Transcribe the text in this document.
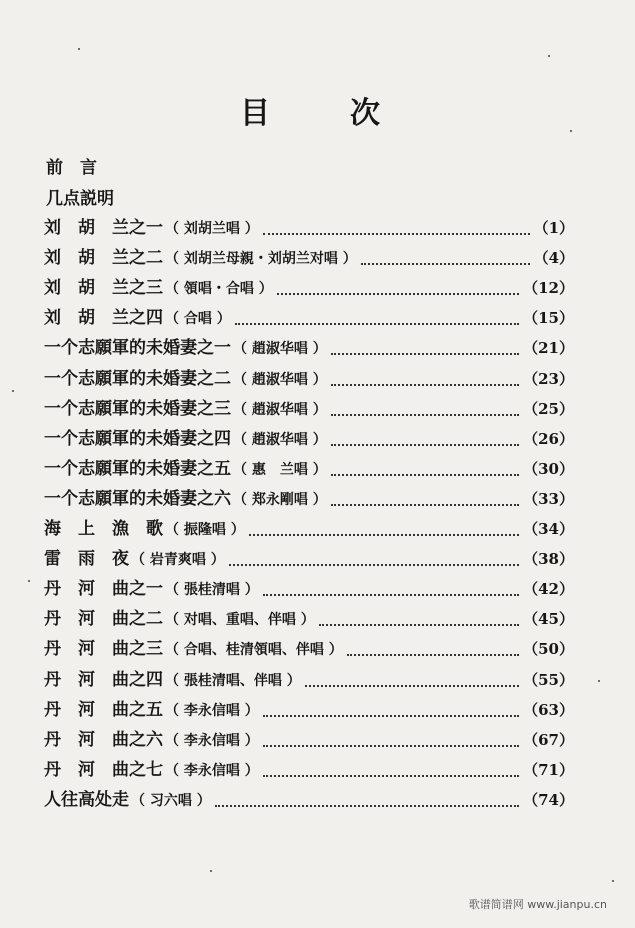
目	次
前　言
几点説明
刘　胡　兰之一 （ 刘胡兰唱 ）	（1）
刘　胡　兰之二 （ 刘胡兰母親・刘胡兰对唱 ）	（4）
刘　胡　兰之三 （ 領唱・合唱 ）	（12）
刘　胡　兰之四 （ 合唱 ）	（15）
一个志願軍的未婚妻之一 （ 趙淑华唱 ）	（21）
一个志願軍的未婚妻之二 （ 趙淑华唱 ）	（23）
一个志願軍的未婚妻之三 （ 趙淑华唱 ）	（25）
一个志願軍的未婚妻之四 （ 趙淑华唱 ）	（26）
一个志願軍的未婚妻之五 （ 惠　兰唱 ）	（30）
一个志願軍的未婚妻之六 （ 郑永剛唱 ）	（33）
海　上　漁　歌 （ 振隆唱 ）	（34）
雷　雨　夜 （ 岩青爽唱 ）	（38）
丹　河　曲之一 （ 張桂清唱 ）	（42）
丹　河　曲之二 （ 对唱、重唱、伴唱 ）	（45）
丹　河　曲之三 （ 合唱、桂清領唱、伴唱 ）	（50）
丹　河　曲之四 （ 張桂清唱、伴唱 ）	（55）
丹　河　曲之五 （ 李永信唱 ）	（63）
丹　河　曲之六 （ 李永信唱 ）	（67）
丹　河　曲之七 （ 李永信唱 ）	（71）
人往高处走 （ 习六唱 ）	（74）
歌谱简谱网 www.jianpu.cn
